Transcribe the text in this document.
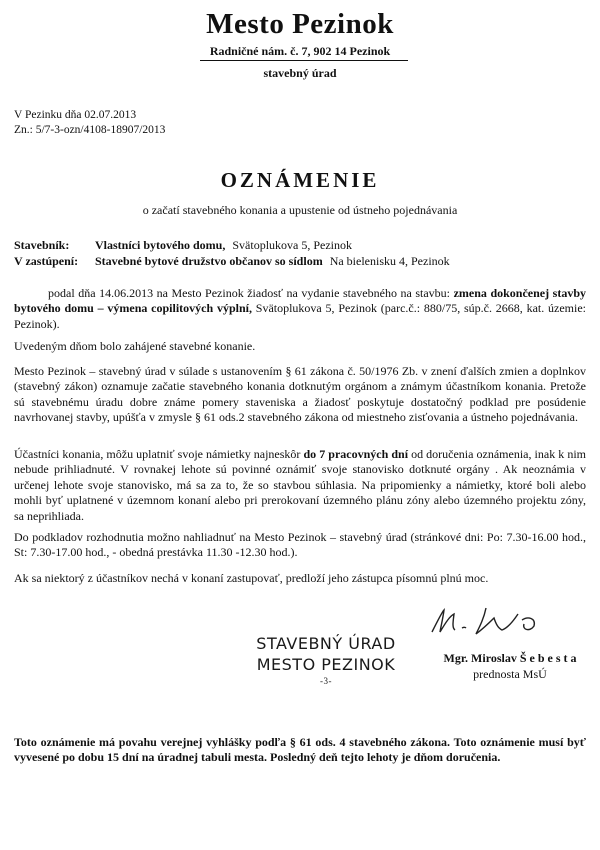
Mesto Pezinok
Radničné nám. č. 7, 902 14 Pezinok
stavebný úrad
V Pezinku dňa 02.07.2013
Zn.: 5/7-3-ozn/4108-18907/2013
OZNÁMENIE
o začatí stavebného konania a upustenie od ústneho pojednávania
Stavebník: Vlastníci bytového domu, Svätoplukova 5, Pezinok
V zastúpení: Stavebné bytové družstvo občanov so sídlom Na bielenisku 4, Pezinok
podal dňa 14.06.2013 na Mesto Pezinok žiadosť na vydanie stavebného na stavbu: zmena dokončenej stavby bytového domu – výmena copilitových výplní, Svätoplukova 5, Pezinok (parc.č.: 880/75, súp.č. 2668, kat. územie: Pezinok).
Uvedeným dňom bolo zahájené stavebné konanie.
Mesto Pezinok – stavebný úrad v súlade s ustanovením § 61 zákona č. 50/1976 Zb. v znení ďalších zmien a doplnkov (stavebný zákon) oznamuje začatie stavebného konania dotknutým orgánom a známym účastníkom konania. Pretože sú stavebnému úradu dobre známe pomery staveniska a žiadosť poskytuje dostatočný podklad pre posúdenie navrhovanej stavby, upúšťa v zmysle § 61 ods.2 stavebného zákona od miestneho zisťovania a ústneho pojednávania.
Účastníci konania, môžu uplatniť svoje námietky najneskôr do 7 pracovných dní od doručenia oznámenia, inak k nim nebude prihliadnuté. V rovnakej lehote sú povinné oznámiť svoje stanovisko dotknuté orgány . Ak neoznámia v určenej lehote svoje stanovisko, má sa za to, že so stavbou súhlasia. Na pripomienky a námietky, ktoré boli alebo mohli byť uplatnené v územnom konaní alebo pri prerokovaní územného plánu zóny alebo územného projektu zóny, sa neprihliada.
Do podkladov rozhodnutia možno nahliadnuť na Mesto Pezinok – stavebný úrad (stránkové dni: Po: 7.30-16.00 hod., St: 7.30-17.00 hod., - obedná prestávka 11.30 -12.30 hod.).
Ak sa niektorý z účastníkov nechá v konaní zastupovať, predloží jeho zástupca písomnú plnú moc.
STAVEBNÝ ÚRAD
MESTO PEZINOK
-3-
Mgr. Miroslav Š e b e s t a
prednosta MsÚ
Toto oznámenie má povahu verejnej vyhlášky podľa § 61 ods. 4 stavebného zákona. Toto oznámenie musí byť vyvesené po dobu 15 dní na úradnej tabuli mesta. Posledný deň tejto lehoty je dňom doručenia.
